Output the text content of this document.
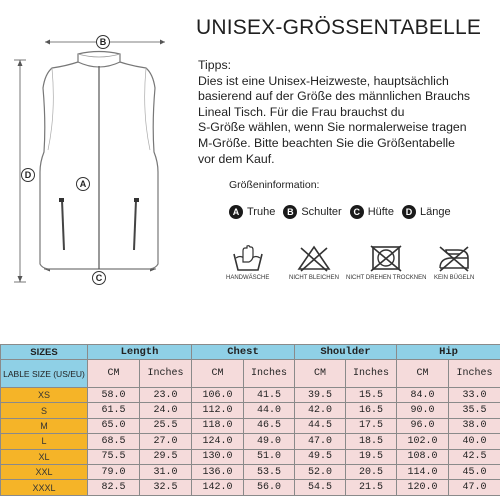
UNISEX-GRÖSSENTABELLE
B
D
A
C

Tipps:

Dies ist eine Unisex-Heizweste, hauptsächlich

basierend auf der Größe des männlichen Brauchs

Lineal Tisch. Für die Frau brauchst du

S-Größe wählen, wenn Sie normalerweise tragen

M-Größe. Bitte beachten Sie die Größentabelle

vor dem Kauf.

Größeninformation:
A Truhe	B Schulter	C Hüfte	D Länge
HANDWÄSCHE	NICHT BLEICHEN NICHT DREHEN TROCKNEN KEIN BÜGELN
SIZES	Length		Chest		Shoulder		Hip	
LABLE SIZE (US/EU)	CM	Inches	CM	Inches	CM	Inches	CM	Inches
XS	58.0	23.0	106.0	41.5	39.5	15.5	84.0	33.0
S	61.5	24.0	112.0	44.0	42.0	16.5	90.0	35.5
M	65.0	25.5	118.0	46.5	44.5	17.5	96.0	38.0
L	68.5	27.0	124.0	49.0	47.0	18.5	102.0	40.0
XL	75.5	29.5	130.0	51.0	49.5	19.5	108.0	42.5
XXL	79.0	31.0	136.0	53.5	52.0	20.5	114.0	45.0
XXXL	82.5	32.5	142.0	56.0	54.5	21.5	120.0	47.0
